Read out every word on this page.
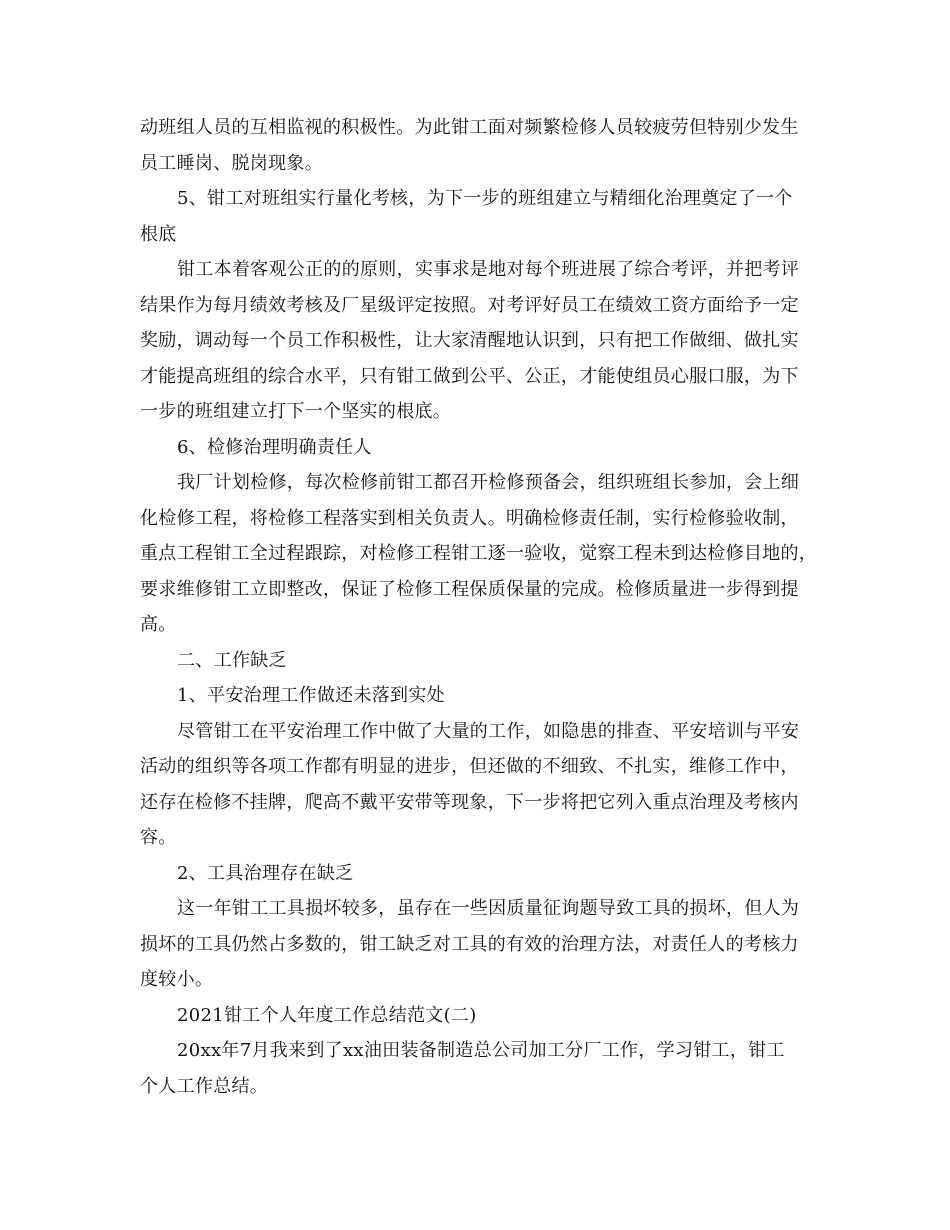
动班组人员的互相监视的积极性。为此钳工面对频繁检修人员较疲劳但特别少发生
员工睡岗、脱岗现象。
5、钳工对班组实行量化考核，为下一步的班组建立与精细化治理奠定了一个
根底
钳工本着客观公正的的原则，实事求是地对每个班进展了综合考评，并把考评
结果作为每月绩效考核及厂星级评定按照。对考评好员工在绩效工资方面给予一定
奖励，调动每一个员工作积极性，让大家清醒地认识到，只有把工作做细、做扎实
才能提高班组的综合水平，只有钳工做到公平、公正，才能使组员心服口服，为下
一步的班组建立打下一个坚实的根底。
6、检修治理明确责任人
我厂计划检修，每次检修前钳工都召开检修预备会，组织班组长参加，会上细
化检修工程，将检修工程落实到相关负责人。明确检修责任制，实行检修验收制，
重点工程钳工全过程跟踪，对检修工程钳工逐一验收，觉察工程未到达检修目地的，
要求维修钳工立即整改，保证了检修工程保质保量的完成。检修质量进一步得到提
高。
二、工作缺乏
1、平安治理工作做还未落到实处
尽管钳工在平安治理工作中做了大量的工作，如隐患的排查、平安培训与平安
活动的组织等各项工作都有明显的进步，但还做的不细致、不扎实，维修工作中，
还存在检修不挂牌，爬高不戴平安带等现象，下一步将把它列入重点治理及考核内
容。
2、工具治理存在缺乏
这一年钳工工具损坏较多，虽存在一些因质量征询题导致工具的损坏，但人为
损坏的工具仍然占多数的，钳工缺乏对工具的有效的治理方法，对责任人的考核力
度较小。
2021钳工个人年度工作总结范文(二)
20xx年7月我来到了xx油田装备制造总公司加工分厂工作，学习钳工，钳工
个人工作总结。
